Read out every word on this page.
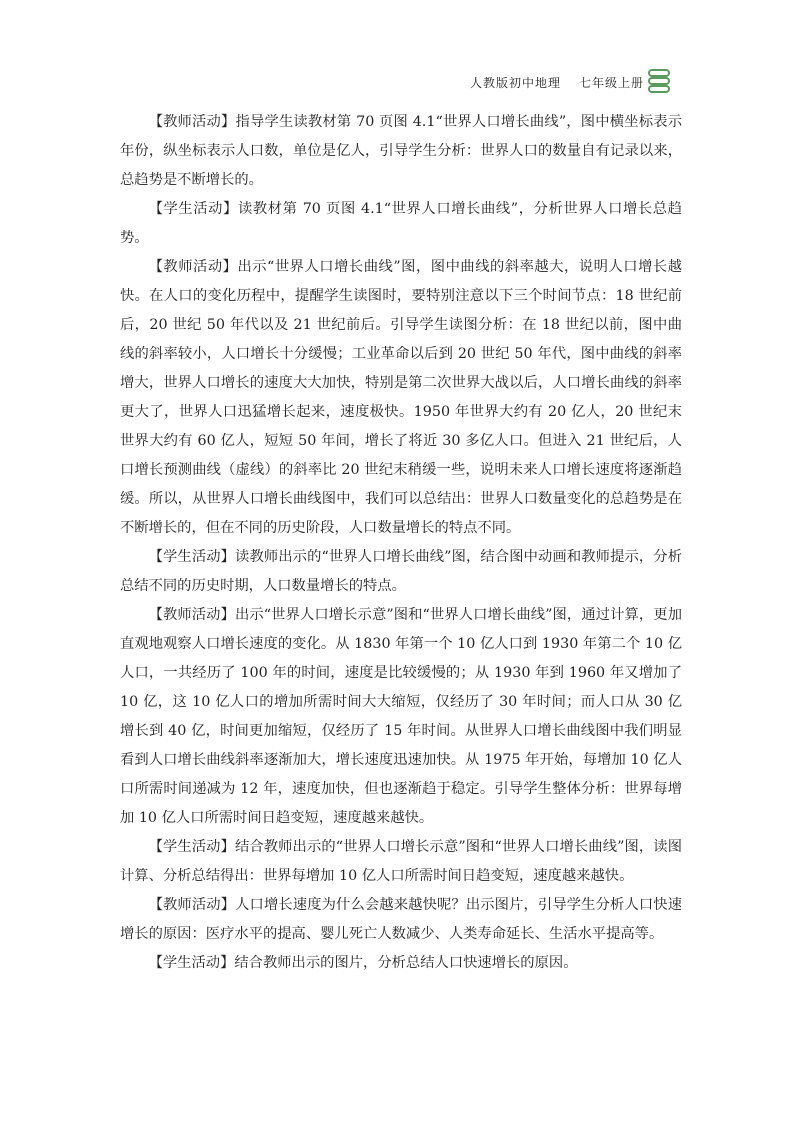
人教版初中地理 七年级上册

【教师活动】指导学生读教材第 70 页图 4.1“世界人口增长曲线”，图中横坐标表示年份，纵坐标表示人口数，单位是亿人，引导学生分析：世界人口的数量自有记录以来，总趋势是不断增长的。

【学生活动】读教材第 70 页图 4.1“世界人口增长曲线”，分析世界人口增长总趋势。

【教师活动】出示“世界人口增长曲线”图，图中曲线的斜率越大，说明人口增长越快。在人口的变化历程中，提醒学生读图时，要特别注意以下三个时间节点：18 世纪前后，20 世纪 50 年代以及 21 世纪前后。引导学生读图分析：在 18 世纪以前，图中曲线的斜率较小，人口增长十分缓慢；工业革命以后到 20 世纪 50 年代，图中曲线的斜率增大，世界人口增长的速度大大加快，特别是第二次世界大战以后，人口增长曲线的斜率更大了，世界人口迅猛增长起来，速度极快。1950 年世界大约有 20 亿人，20 世纪末世界大约有 60 亿人，短短 50 年间，增长了将近 30 多亿人口。但进入 21 世纪后，人口增长预测曲线（虚线）的斜率比 20 世纪末稍缓一些，说明未来人口增长速度将逐渐趋缓。所以，从世界人口增长曲线图中，我们可以总结出：世界人口数量变化的总趋势是在不断增长的，但在不同的历史阶段，人口数量增长的特点不同。

【学生活动】读教师出示的“世界人口增长曲线”图，结合图中动画和教师提示，分析总结不同的历史时期，人口数量增长的特点。

【教师活动】出示“世界人口增长示意”图和“世界人口增长曲线”图，通过计算，更加直观地观察人口增长速度的变化。从 1830 年第一个 10 亿人口到 1930 年第二个 10 亿人口，一共经历了 100 年的时间，速度是比较缓慢的；从 1930 年到 1960 年又增加了 10 亿，这 10 亿人口的增加所需时间大大缩短，仅经历了 30 年时间；而人口从 30 亿增长到 40 亿，时间更加缩短，仅经历了 15 年时间。从世界人口增长曲线图中我们明显看到人口增长曲线斜率逐渐加大，增长速度迅速加快。从 1975 年开始，每增加 10 亿人口所需时间递减为 12 年，速度加快，但也逐渐趋于稳定。引导学生整体分析：世界每增加 10 亿人口所需时间日趋变短，速度越来越快。

【学生活动】结合教师出示的“世界人口增长示意”图和“世界人口增长曲线”图，读图计算、分析总结得出：世界每增加 10 亿人口所需时间日趋变短，速度越来越快。

【教师活动】人口增长速度为什么会越来越快呢？出示图片，引导学生分析人口快速增长的原因：医疗水平的提高、婴儿死亡人数减少、人类寿命延长、生活水平提高等。

【学生活动】结合教师出示的图片，分析总结人口快速增长的原因。
